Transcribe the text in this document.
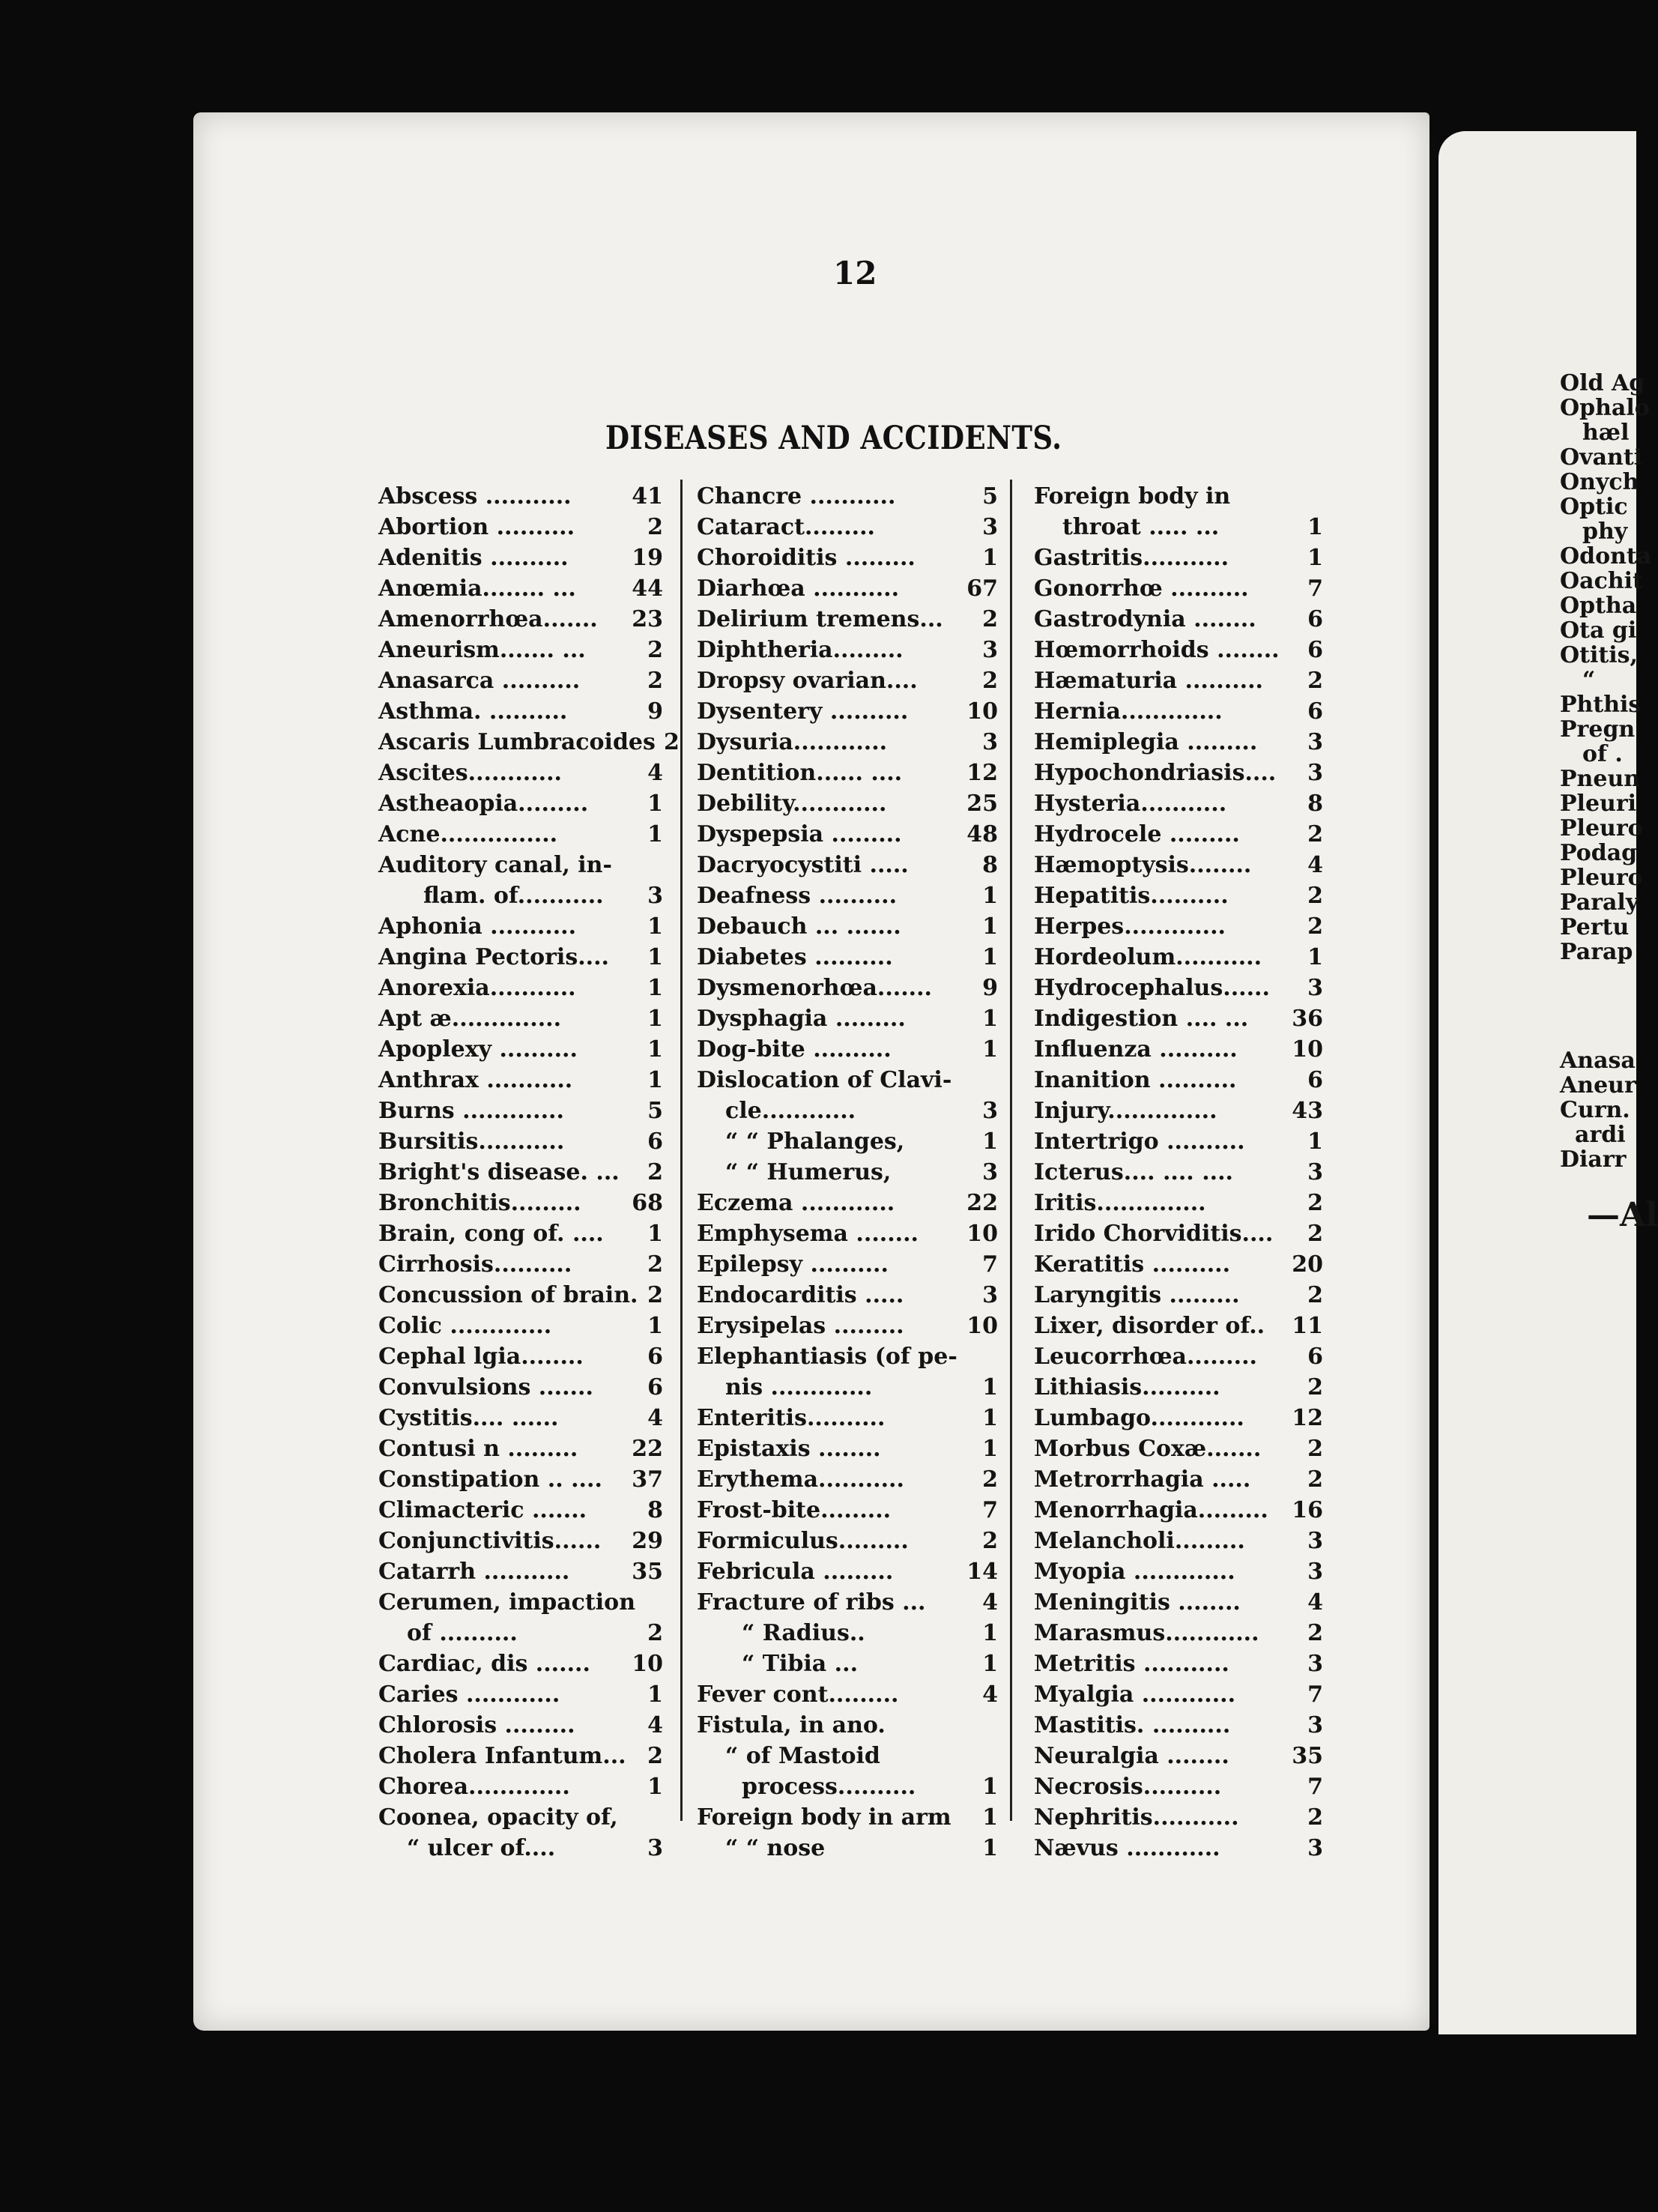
12
DISEASES AND ACCIDENTS.
Abscess ...........	41
Abortion ..........	2
Adenitis ..........	19
Anœmia........ ...	44
Amenorrhœa.......	23
Aneurism....... ...	2
Anasarca ..........	2
Asthma. ..........	9
Ascaris Lumbracoides 2
Ascites............	4
Astheaopia.........	1
Acne...............	1
Auditory canal, in-
flam. of...........	3
Aphonia ...........	1
Angina Pectoris....	1
Anorexia...........	1
Apt æ..............	1
Apoplexy ..........	1
Anthrax ...........	1
Burns .............	5
Bursitis...........	6
Bright's disease. ...	2
Bronchitis.........	68
Brain, cong of. ....	1
Cirrhosis..........	2
Concussion of brain. 2
Colic .............	1
Cephal lgia........	6
Convulsions .......	6
Cystitis.... ......	4
Contusi n .........	22
Constipation .. ....	37
Climacteric .......	8
Conjunctivitis......	29
Catarrh ...........	35
Cerumen, impaction
of ..........	2
Cardiac, dis .......	10
Caries ............	1
Chlorosis .........	4
Cholera Infantum... 2
Chorea.............	1
Coonea, opacity of,
“ ulcer of....	3
Chancre ...........	5
Cataract.........	3
Choroiditis .........	1
Diarhœa ...........	67
Delirium tremens...	2
Diphtheria.........	3
Dropsy ovarian....	2
Dysentery ..........	10
Dysuria............	3
Dentition...... ....	12
Debility............	25
Dyspepsia .........	48
Dacryocystiti .....	8
Deafness ..........	1
Debauch ... .......	1
Diabetes ..........	1
Dysmenorhœa.......	9
Dysphagia .........	1
Dog-bite ..........	1
Dislocation of Clavi-
cle............	3
“ “ Phalanges,	1
“ “ Humerus,	3
Eczema ............	22
Emphysema ........	10
Epilepsy ..........	7
Endocarditis .....	3
Erysipelas .........	10
Elephantiasis (of pe-
nis .............	1
Enteritis..........	1
Epistaxis ........	1
Erythema...........	2
Frost-bite.........	7
Formiculus.........	2
Febricula .........	14
Fracture of ribs ...	4
“ Radius..	1
“ Tibia ...	1
Fever cont.........	4
Fistula, in ano.
“ of Mastoid
process..........	1
Foreign body in arm	1
“ “ nose	1
Foreign body in
throat ..... ...	1
Gastritis...........	1
Gonorrhœ ..........	7
Gastrodynia ........	6
Hœmorrhoids ........	6
Hæmaturia ..........	2
Hernia.............	6
Hemiplegia .........	3
Hypochondriasis....	3
Hysteria...........	8
Hydrocele .........	2
Hæmoptysis........	4
Hepatitis..........	2
Herpes.............	2
Hordeolum...........	1
Hydrocephalus......	3
Indigestion .... ...	36
Influenza ..........	10
Inanition ..........	6
Injury..............	43
Intertrigo ..........	1
Icterus.... .... ....	3
Iritis..............	2
Irido Chorviditis....	2
Keratitis ..........	20
Laryngitis .........	2
Lixer, disorder of..	11
Leucorrhœa.........	6
Lithiasis..........	2
Lumbago............	12
Morbus Coxæ.......	2
Metrorrhagia .....	2
Menorrhagia.........	16
Melancholi.........	3
Myopia .............	3
Meningitis ........	4
Marasmus............	2
Metritis ...........	3
Myalgia ............	7
Mastitis. ..........	3
Neuralgia ........	35
Necrosis..........	7
Nephritis...........	2
Nævus ............	3
Old Ag
Ophalo
hæl
Ovanti
Onych
Optic
phy
Odonta
Oachit
Optha
Ota gi
Otitis,
“
Phthis
Pregn
of .
Pneun
Pleuri
Pleuro
Podag
Pleuro
Paraly
Pertu
Parap
Anasa
Aneur
Curn.
ardi
Diarr
—Al
